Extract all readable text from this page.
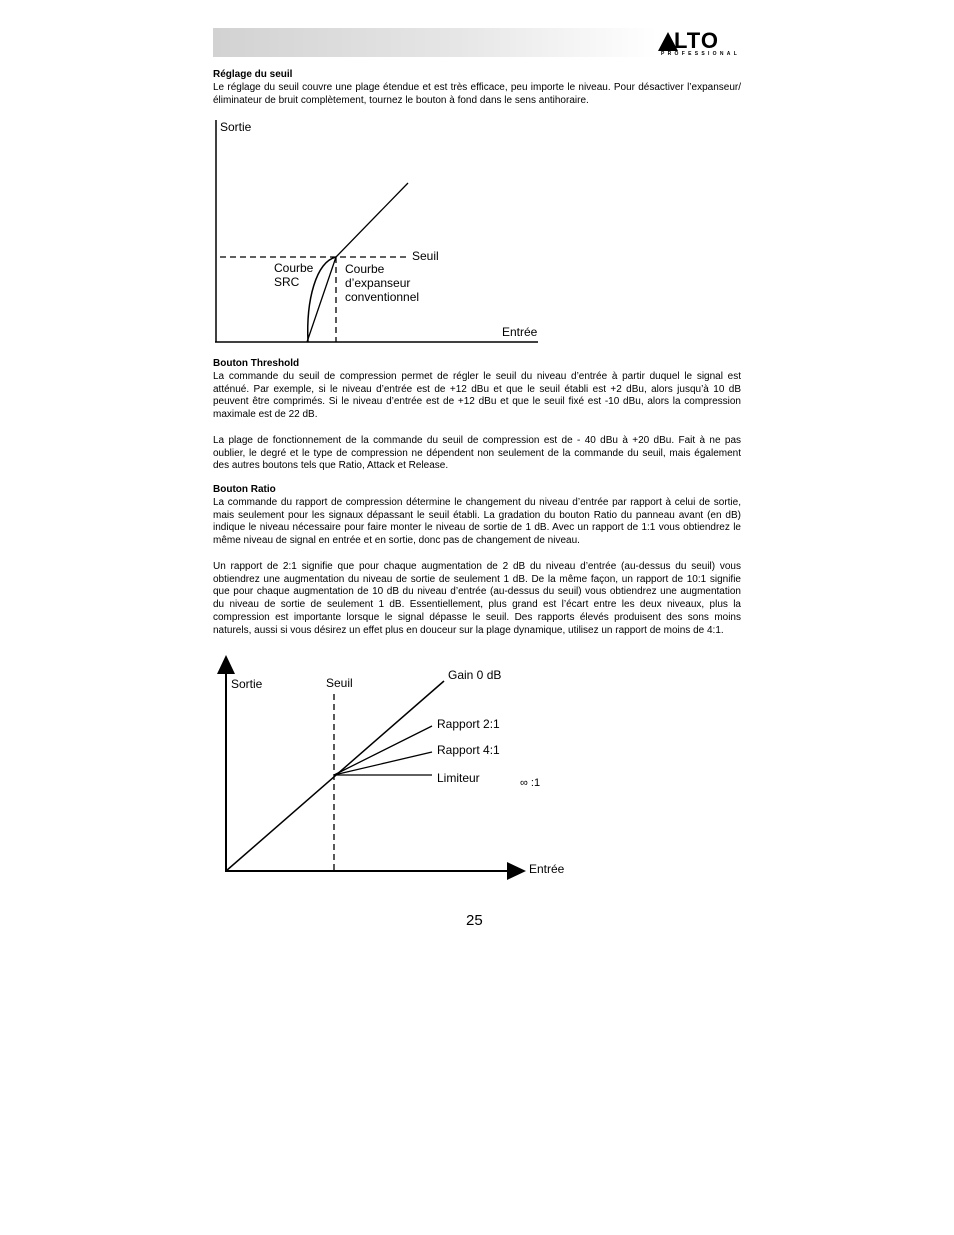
LTO
PROFESSIONAL
Réglage du seuil

Le réglage du seuil couvre une plage étendue et est très efficace, peu importe le niveau. Pour désactiver l’expanseur/éliminateur de bruit complètement, tournez le bouton à fond dans le sens antihoraire.

Sortie
Seuil
Courbe
SRC
Courbe
d’expanseur
conventionnel
Entrée
Bouton Threshold

La commande du seuil de compression permet de régler le seuil du niveau d’entrée à partir duquel le signal est atténué. Par exemple, si le niveau d’entrée est de +12 dBu et que le seuil établi est +2 dBu, alors jusqu’à 10 dB peuvent être comprimés. Si le niveau d’entrée est de +12 dBu et que le seuil fixé est -10 dBu, alors la compression maximale est de 22 dB.

La plage de fonctionnement de la commande du seuil de compression est de - 40 dBu à +20 dBu. Fait à ne pas oublier, le degré et le type de compression ne dépendent non seulement de la commande du seuil, mais également des autres boutons tels que Ratio, Attack et Release.

Bouton Ratio

La commande du rapport de compression détermine le changement du niveau d’entrée par rapport à celui de sortie, mais seulement pour les signaux dépassant le seuil établi. La gradation du bouton Ratio du panneau avant (en dB) indique le niveau nécessaire pour faire monter le niveau de sortie de 1 dB. Avec un rapport de 1:1 vous obtiendrez le même niveau de signal en entrée et en sortie, donc pas de changement de niveau.

Un rapport de 2:1 signifie que pour chaque augmentation de 2 dB du niveau d’entrée (au-dessus du seuil) vous obtiendrez une augmentation du niveau de sortie de seulement 1 dB. De la même façon, un rapport de 10:1 signifie que pour chaque augmentation de 10 dB du niveau d’entrée (au-dessus du seuil) vous obtiendrez une augmentation du niveau de sortie de seulement 1 dB. Essentiellement, plus grand est l’écart entre les deux niveaux, plus la compression est importante lorsque le signal dépasse le seuil. Des rapports élevés produisent des sons moins naturels, aussi si vous désirez un effet plus en douceur sur la plage dynamique, utilisez un rapport de moins de 4:1.

Sortie	Seuil
Gain 0 dB
Rapport 2:1
Rapport 4:1
Limiteur	∞ :1
Entrée
25
